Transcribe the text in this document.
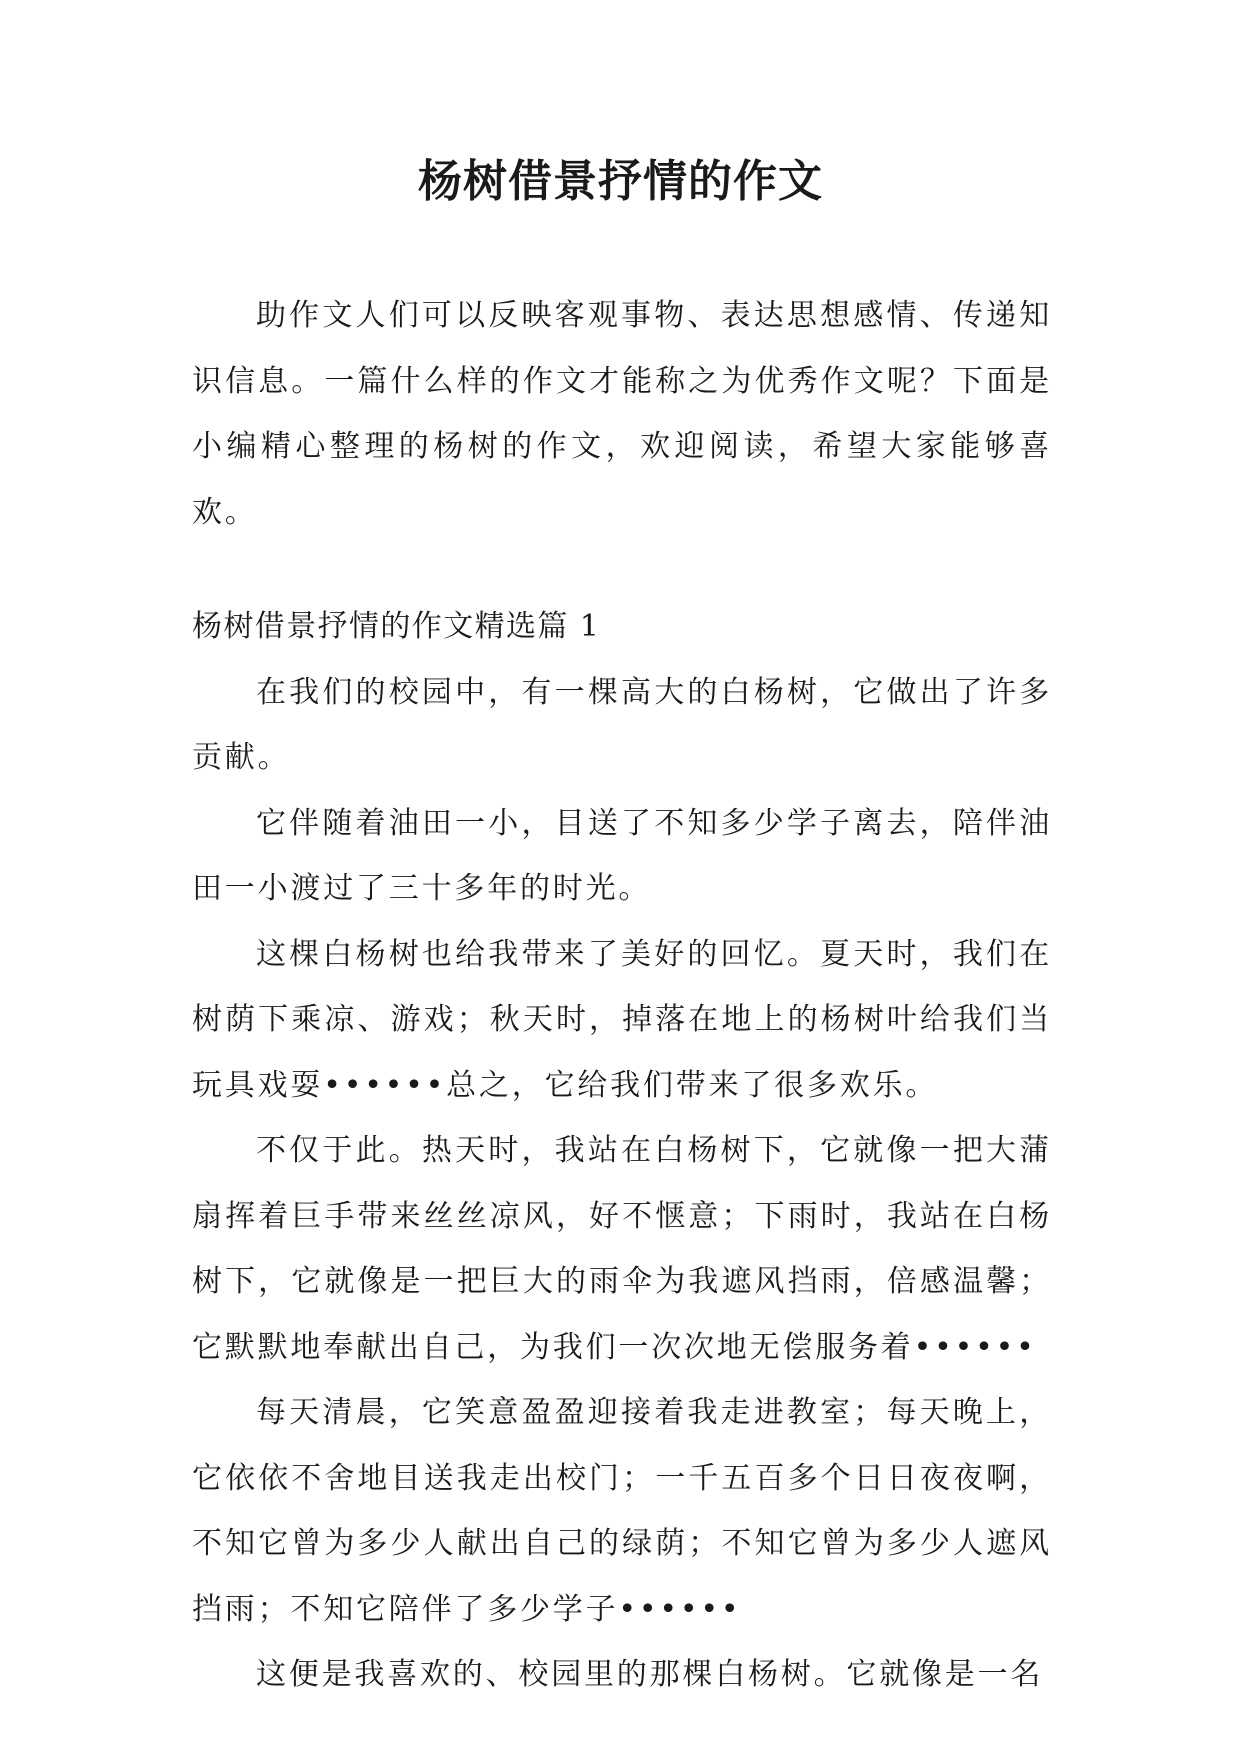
杨树借景抒情的作文

助作文人们可以反映客观事物、表达思想感情、传递知识信息。一篇什么样的作文才能称之为优秀作文呢？下面是小编精心整理的杨树的作文，欢迎阅读，希望大家能够喜欢。

杨树借景抒情的作文精选篇 1

在我们的校园中，有一棵高大的白杨树，它做出了许多贡献。

它伴随着油田一小，目送了不知多少学子离去，陪伴油田一小渡过了三十多年的时光。

这棵白杨树也给我带来了美好的回忆。夏天时，我们在树荫下乘凉、游戏；秋天时，掉落在地上的杨树叶给我们当玩具戏耍••••••总之，它给我们带来了很多欢乐。

不仅于此。热天时，我站在白杨树下，它就像一把大蒲扇挥着巨手带来丝丝凉风，好不惬意；下雨时，我站在白杨树下，它就像是一把巨大的雨伞为我遮风挡雨，倍感温馨；它默默地奉献出自己，为我们一次次地无偿服务着••••••

每天清晨，它笑意盈盈迎接着我走进教室；每天晚上，它依依不舍地目送我走出校门；一千五百多个日日夜夜啊，不知它曾为多少人献出自己的绿荫；不知它曾为多少人遮风挡雨；不知它陪伴了多少学子••••••

这便是我喜欢的、校园里的那棵白杨树。它就像是一名
